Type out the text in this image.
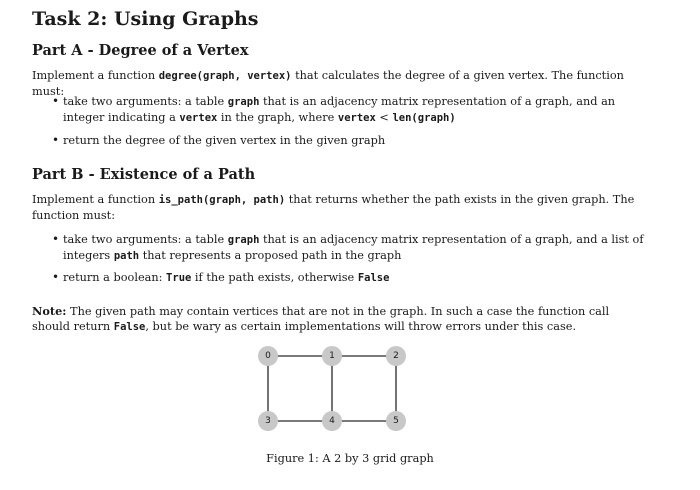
Task 2: Using Graphs
Part A - Degree of a Vertex

Implement a function degree(graph, vertex) that calculates the degree of a given vertex. The function must:

• take two arguments: a table graph that is an adjacency matrix representation of a graph, and an integer indicating a vertex in the graph, where vertex < len(graph)

• return the degree of the given vertex in the given graph

Part B - Existence of a Path

Implement a function is_path(graph, path) that returns whether the path exists in the given graph. The function must:

• take two arguments: a table graph that is an adjacency matrix representation of a graph, and a list of integers path that represents a proposed path in the graph

• return a boolean: True if the path exists, otherwise False

Note: The given path may contain vertices that are not in the graph. In such a case the function call should return False, but be wary as certain implementations will throw errors under this case.

0	1	2
3	4	5

Figure 1: A 2 by 3 grid graph
